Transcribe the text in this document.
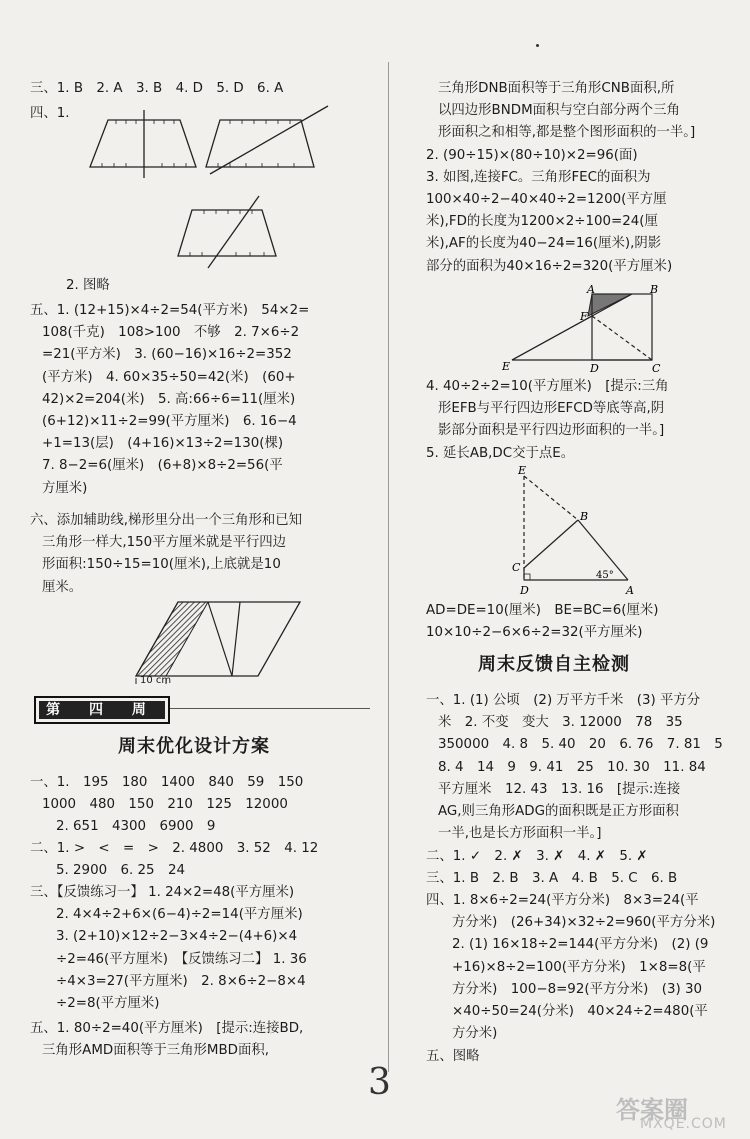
三、1. B　2. A　3. B　4. D　5. D　6. A
四、1.
2. 图略
五、1. (12+15)×4÷2=54(平方米)　54×2=
108(千克)　108>100　不够　2. 7×6÷2
=21(平方米)　3. (60−16)×16÷2=352
(平方米)　4. 60×35÷50=42(米)　(60+
42)×2=204(米)　5. 高:66÷6=11(厘米)
(6+12)×11÷2=99(平方厘米)　6. 16−4
+1=13(层)　(4+16)×13÷2=130(棵)
7. 8−2=6(厘米)　(6+8)×8÷2=56(平
方厘米)
六、添加辅助线,梯形里分出一个三角形和已知
三角形一样大,150平方厘米就是平行四边
形面积:150÷15=10(厘米),上底就是10
厘米。
10 cm
第 四 周
周末优化设计方案
一、1.　195　180　1400　840　59　150
1000　480　150　210　125　12000
2. 651　4300　6900　9
二、1. >　<　=　>　2. 4800　3. 52　4. 12
5. 2900　6. 25　24
三、【反馈练习一】 1. 24×2=48(平方厘米)
2. 4×4÷2+6×(6−4)÷2=14(平方厘米)
3. (2+10)×12÷2−3×4÷2−(4+6)×4
÷2=46(平方厘米)　【反馈练习二】 1. 36
÷4×3=27(平方厘米)　2. 8×6÷2−8×4
÷2=8(平方厘米)
五、1. 80÷2=40(平方厘米)　[提示:连接BD,
三角形AMD面积等于三角形MBD面积,
三角形DNB面积等于三角形CNB面积,所
以四边形BNDM面积与空白部分两个三角
形面积之和相等,都是整个图形面积的一半。]
2. (90÷15)×(80÷10)×2=96(面)
3. 如图,连接FC。三角形FEC的面积为
100×40÷2−40×40÷2=1200(平方厘
米),FD的长度为1200×2÷100=24(厘
米),AF的长度为40−24=16(厘米),阴影
部分的面积为40×16÷2=320(平方厘米)
A	B
F
E	D	C
4. 40÷2÷2=10(平方厘米)　[提示:三角
形EFB与平行四边形EFCD等底等高,阴
影部分面积是平行四边形面积的一半。]
5. 延长AB,DC交于点E。
E
B
C
D	A
45°
AD=DE=10(厘米)　BE=BC=6(厘米)
10×10÷2−6×6÷2=32(平方厘米)
周末反馈自主检测
一、1. (1) 公顷　(2) 万平方千米　(3) 平方分
米　2. 不变　变大　3. 12000　78　35
350000　4. 8　5. 40　20　6. 76　7. 81　5
8. 4　14　9　9. 41　25　10. 30　11. 84
平方厘米　12. 43　13. 16　[提示:连接
AG,则三角形ADG的面积既是正方形面积
一半,也是长方形面积一半。]
二、1. ✓　2. ✗　3. ✗　4. ✗　5. ✗
三、1. B　2. B　3. A　4. B　5. C　6. B
四、1. 8×6÷2=24(平方分米)　8×3=24(平
方分米)　(26+34)×32÷2=960(平方分米)
2. (1) 16×18÷2=144(平方分米)　(2) (9
+16)×8÷2=100(平方分米)　1×8=8(平
方分米)　100−8=92(平方分米)　(3) 30
×40÷50=24(分米)　40×24÷2=480(平
方分米)
五、图略
3
答案圈
MXQE.COM
